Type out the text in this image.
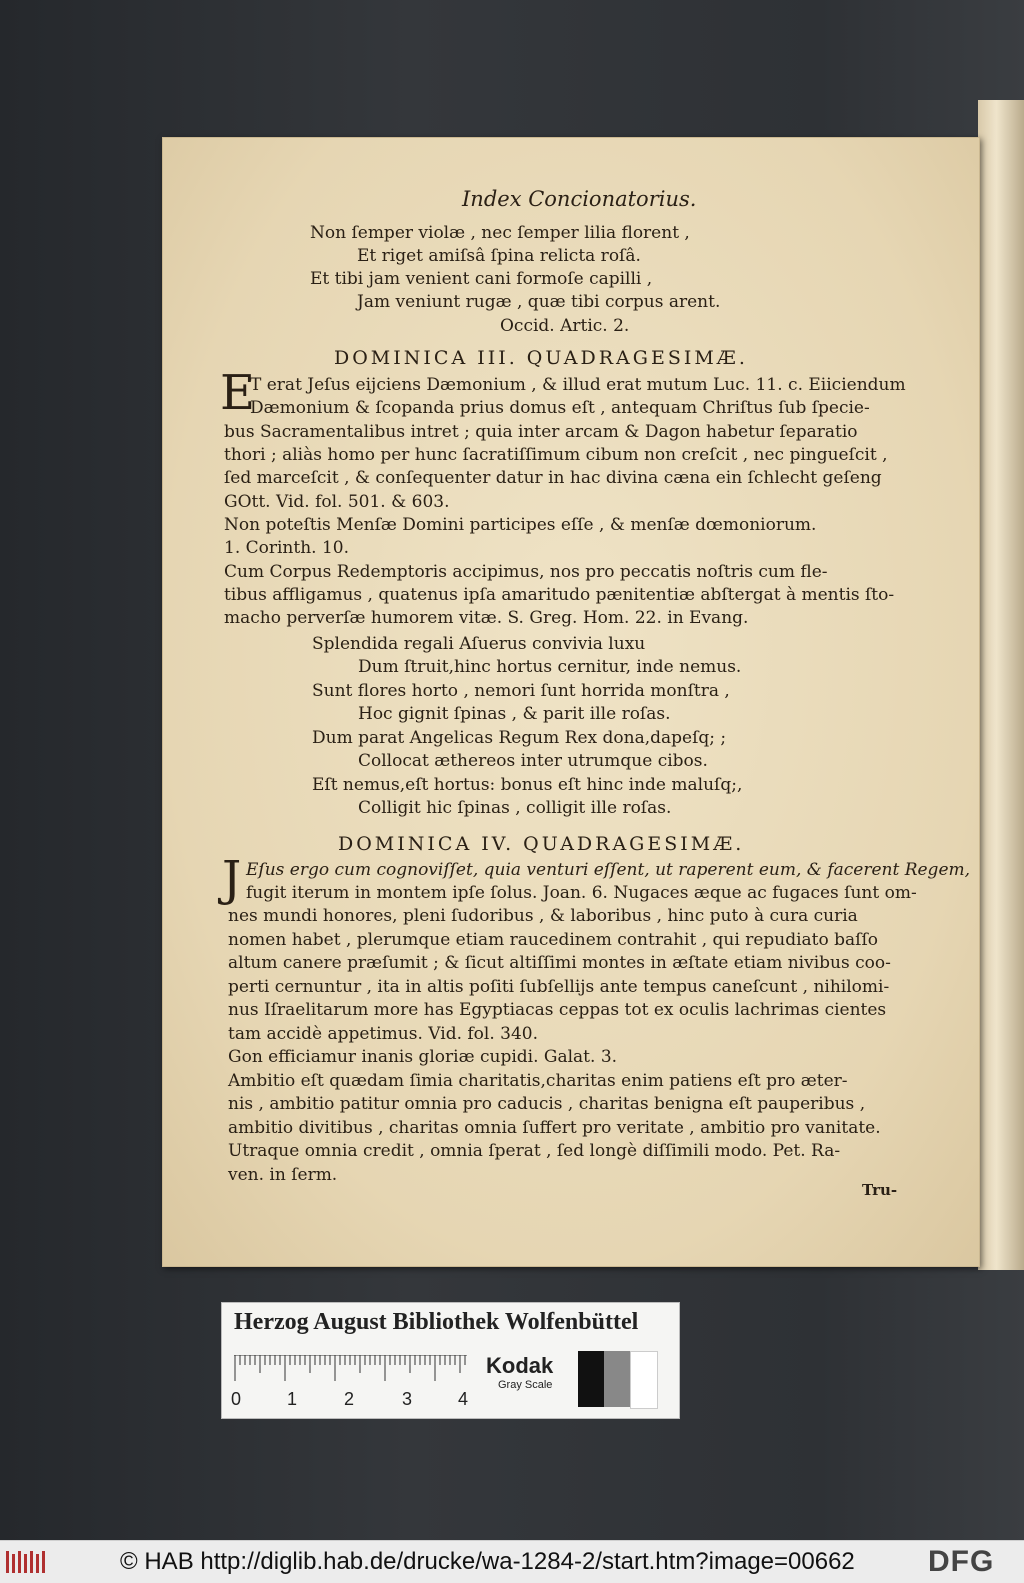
Index Concionatorius.
Non ſemper violæ , nec ſemper lilia florent ,
Et riget amiſsâ ſpina relicta roſâ.
Et tibi jam venient cani formoſe capilli ,
Jam veniunt rugæ , quæ tibi corpus arent.
Occid. Artic. 2.
DOMINICA III. QUADRAGESIMÆ.
E
T erat Jeſus eijciens Dæmonium , & illud erat mutum Luc. 11. c. Eiiciendum
Dæmonium & ſcopanda prius domus eſt , antequam Chriſtus ſub ſpecie-
bus Sacramentalibus intret ; quia inter arcam & Dagon habetur ſeparatio
thori ; aliàs homo per hunc ſacratiſſimum cibum non creſcit , nec pingueſcit ,
ſed marceſcit , & conſequenter datur in hac divina cæna ein ſchlecht geſeng
GOtt. Vid. fol. 501. & 603.
Non poteſtis Menſæ Domini participes eſſe , & menſæ dœmoniorum.
1. Corinth. 10.
Cum Corpus Redemptoris accipimus, nos pro peccatis noſtris cum fle-
tibus affligamus , quatenus ipſa amaritudo pænitentiæ abſtergat à mentis ſto-
macho perverſæ humorem vitæ. S. Greg. Hom. 22. in Evang.
Splendida regali Aſuerus convivia luxu
Dum ſtruit,hinc hortus cernitur, inde nemus.
Sunt flores horto , nemori ſunt horrida monſtra ,
Hoc gignit ſpinas , & parit ille roſas.
Dum parat Angelicas Regum Rex dona,dapeſq; ;
Collocat æthereos inter utrumque cibos.
Eſt nemus,eſt hortus: bonus eſt hinc inde maluſq;,
Colligit hic ſpinas , colligit ille roſas.
DOMINICA IV. QUADRAGESIMÆ.
J Eſus ergo cum cognoviſſet, quia venturi eſſent, ut raperent eum, & facerent Regem,
fugit iterum in montem ipſe ſolus. Joan. 6. Nugaces æque ac fugaces ſunt om-
nes mundi honores, pleni ſudoribus , & laboribus , hinc puto à cura curia
nomen habet , plerumque etiam raucedinem contrahit , qui repudiato baſſo
altum canere præſumit ; & ſicut altiſſimi montes in æſtate etiam nivibus coo-
perti cernuntur , ita in altis poſiti ſubſellijs ante tempus caneſcunt , nihilomi-
nus Iſraelitarum more has Egyptiacas ceppas tot ex oculis lachrimas cientes
tam accidè appetimus. Vid. fol. 340.
Gon efficiamur inanis gloriæ cupidi. Galat. 3.
Ambitio eſt quædam ſimia charitatis,charitas enim patiens eſt pro æter-
nis , ambitio patitur omnia pro caducis , charitas benigna eſt pauperibus ,
ambitio divitibus , charitas omnia ſuffert pro veritate , ambitio pro vanitate.
Utraque omnia credit , omnia ſperat , ſed longè diſſimili modo. Pet. Ra-
ven. in ſerm.
Tru-
Herzog August Bibliothek Wolfenbüttel
0	1	2	3	4
Kodak
Gray Scale
© HAB http://diglib.hab.de/drucke/wa-1284-2/start.htm?image=00662 DFG
